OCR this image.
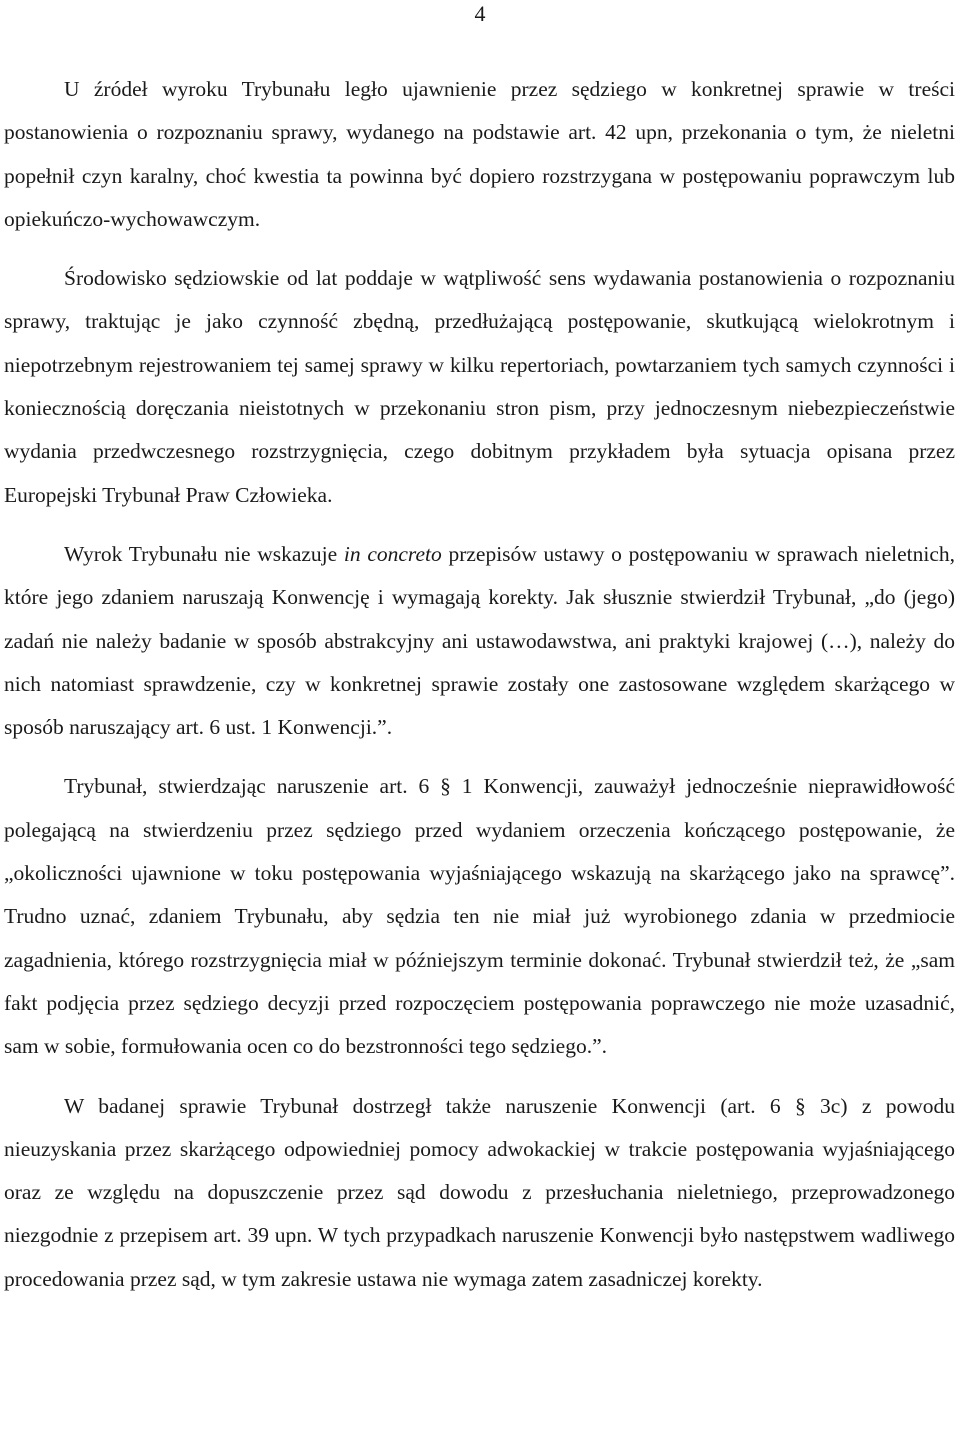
4

U źródeł wyroku Trybunału legło ujawnienie przez sędziego w konkretnej sprawie w treści postanowienia o rozpoznaniu sprawy, wydanego na podstawie art. 42 upn, przekonania o tym, że nieletni popełnił czyn karalny, choć kwestia ta powinna być dopiero rozstrzygana w postępowaniu poprawczym lub opiekuńczo-wychowawczym.

Środowisko sędziowskie od lat poddaje w wątpliwość sens wydawania postanowienia o rozpoznaniu sprawy, traktując je jako czynność zbędną, przedłużającą postępowanie, skutkującą wielokrotnym i niepotrzebnym rejestrowaniem tej samej sprawy w kilku repertoriach, powtarzaniem tych samych czynności i koniecznością doręczania nieistotnych w przekonaniu stron pism, przy jednoczesnym niebezpieczeństwie wydania przedwczesnego rozstrzygnięcia, czego dobitnym przykładem była sytuacja opisana przez Europejski Trybunał Praw Człowieka.

Wyrok Trybunału nie wskazuje in concreto przepisów ustawy o postępowaniu w sprawach nieletnich, które jego zdaniem naruszają Konwencję i wymagają korekty. Jak słusznie stwierdził Trybunał, „do (jego) zadań nie należy badanie w sposób abstrakcyjny ani ustawodawstwa, ani praktyki krajowej (…), należy do nich natomiast sprawdzenie, czy w konkretnej sprawie zostały one zastosowane względem skarżącego w sposób naruszający art. 6 ust. 1 Konwencji.”.

Trybunał, stwierdzając naruszenie art. 6 § 1 Konwencji, zauważył jednocześnie nieprawidłowość polegającą na stwierdzeniu przez sędziego przed wydaniem orzeczenia kończącego postępowanie, że „okoliczności ujawnione w toku postępowania wyjaśniającego wskazują na skarżącego jako na sprawcę”. Trudno uznać, zdaniem Trybunału, aby sędzia ten nie miał już wyrobionego zdania w przedmiocie zagadnienia, którego rozstrzygnięcia miał w późniejszym terminie dokonać. Trybunał stwierdził też, że „sam fakt podjęcia przez sędziego decyzji przed rozpoczęciem postępowania poprawczego nie może uzasadnić, sam w sobie, formułowania ocen co do bezstronności tego sędziego.”.

W badanej sprawie Trybunał dostrzegł także naruszenie Konwencji (art. 6 § 3c) z powodu nieuzyskania przez skarżącego odpowiedniej pomocy adwokackiej w trakcie postępowania wyjaśniającego oraz ze względu na dopuszczenie przez sąd dowodu z przesłuchania nieletniego, przeprowadzonego niezgodnie z przepisem art. 39 upn. W tych przypadkach naruszenie Konwencji było następstwem wadliwego procedowania przez sąd, w tym zakresie ustawa nie wymaga zatem zasadniczej korekty.
